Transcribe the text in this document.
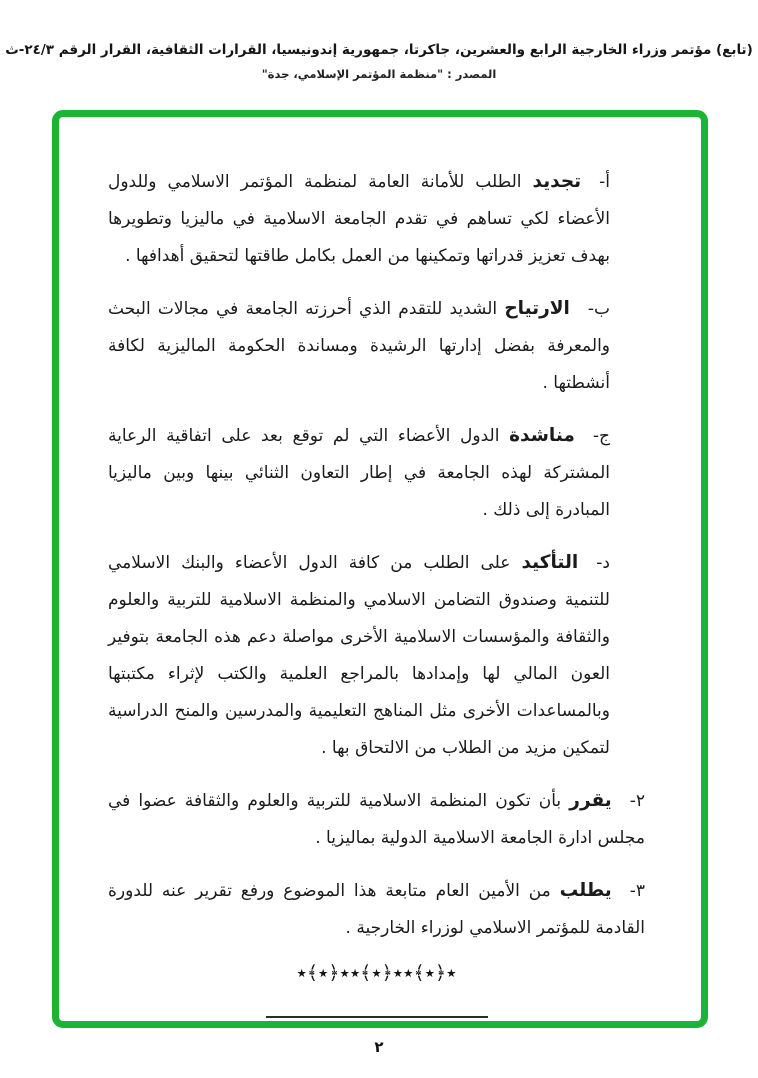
(تابع) مؤتمر وزراء الخارجية الرابع والعشرين، جاكرتا، جمهورية إندونيسيا، القرارات الثقافية، القرار الرقم ٢٤/٣-ث
المصدر : "منظمة المؤتمر الإسلامي، جدة"

أ-تجديد الطلب للأمانة العامة لمنظمة المؤتمر الاسلامي وللدول الأعضاء لكي تساهم في تقدم الجامعة الاسلامية في ماليزيا وتطويرها بهدف تعزيز قدراتها وتمكينها من العمل بكامل طاقتها لتحقيق أهدافها .

ب-الارتياح الشديد للتقدم الذي أحرزته الجامعة في مجالات البحث والمعرفة بفضل إدارتها الرشيدة ومساندة الحكومة الماليزية لكافة أنشطتها .

ج-مناشدة الدول الأعضاء التي لم توقع بعد على اتفاقية الرعاية المشتركة لهذه الجامعة في إطار التعاون الثنائي بينها وبين ماليزيا المبادرة إلى ذلك .

د-التأكيد على الطلب من كافة الدول الأعضاء والبنك الاسلامي للتنمية وصندوق التضامن الاسلامي والمنظمة الاسلامية للتربية والعلوم والثقافة والمؤسسات الاسلامية الأخرى مواصلة دعم هذه الجامعة بتوفير العون المالي لها وإمدادها بالمراجع العلمية والكتب لإثراء مكتبتها وبالمساعدات الأخرى مثل المناهج التعليمية والمدرسين والمنح الدراسية لتمكين مزيد من الطلاب من الالتحاق بها .

٢-يقرر بأن تكون المنظمة الاسلامية للتربية والعلوم والثقافة عضوا في مجلس ادارة الجامعة الاسلامية الدولية بماليزيا .

٣-يطلب من الأمين العام متابعة هذا الموضوع ورفع تقرير عنه للدورة القادمة للمؤتمر الاسلامي لوزراء الخارجية .

٭﴿٭﴾٭٭﴿٭﴾٭٭﴿٭﴾٭
٢
